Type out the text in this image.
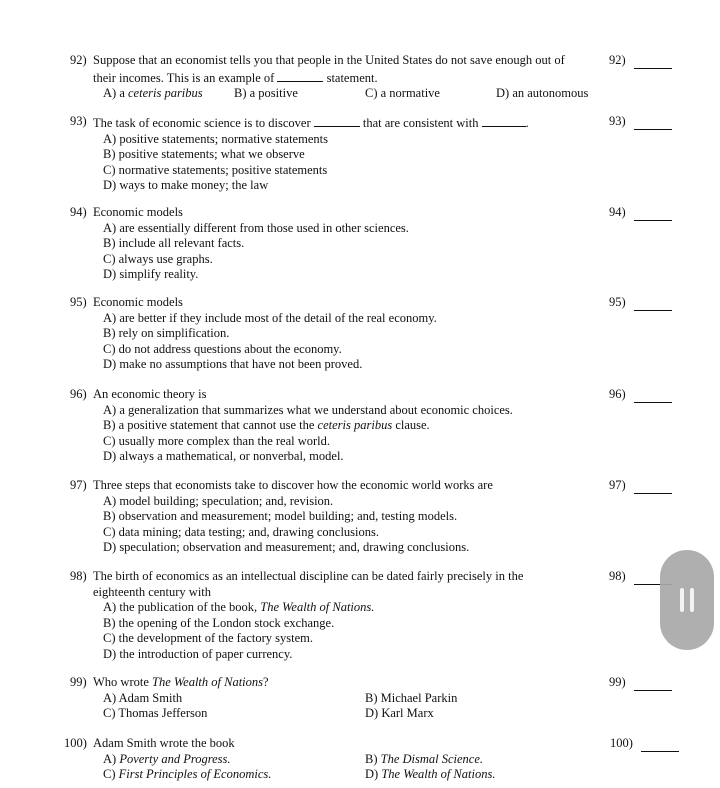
92) Suppose that an economist tells you that people in the United States do not save enough out of
their incomes. This is an example of	statement.
A) a ceteris paribus	B) a positive	C) a normative	D) an autonomous
92)
93) The task of economic science is to discover	that are consistent with	.
A) positive statements; normative statements
B) positive statements; what we observe
C) normative statements; positive statements
D) ways to make money; the law
93)
94) Economic models
A) are essentially different from those used in other sciences.
B) include all relevant facts.
C) always use graphs.
D) simplify reality.
94)
95) Economic models
A) are better if they include most of the detail of the real economy.
B) rely on simplification.
C) do not address questions about the economy.
D) make no assumptions that have not been proved.
95)
96) An economic theory is
A) a generalization that summarizes what we understand about economic choices.
B) a positive statement that cannot use the ceteris paribus clause.
C) usually more complex than the real world.
D) always a mathematical, or nonverbal, model.
96)
97) Three steps that economists take to discover how the economic world works are
A) model building; speculation; and, revision.
B) observation and measurement; model building; and, testing models.
C) data mining; data testing; and, drawing conclusions.
D) speculation; observation and measurement; and, drawing conclusions.
97)
98) The birth of economics as an intellectual discipline can be dated fairly precisely in the
eighteenth century with
A) the publication of the book, The Wealth of Nations.
B) the opening of the London stock exchange.
C) the development of the factory system.
D) the introduction of paper currency.
98)
99) Who wrote The Wealth of Nations?
A) Adam Smith	B) Michael Parkin
C) Thomas Jefferson	D) Karl Marx
99)
100) Adam Smith wrote the book
A) Poverty and Progress.	B) The Dismal Science.
C) First Principles of Economics.	D) The Wealth of Nations.
100)
